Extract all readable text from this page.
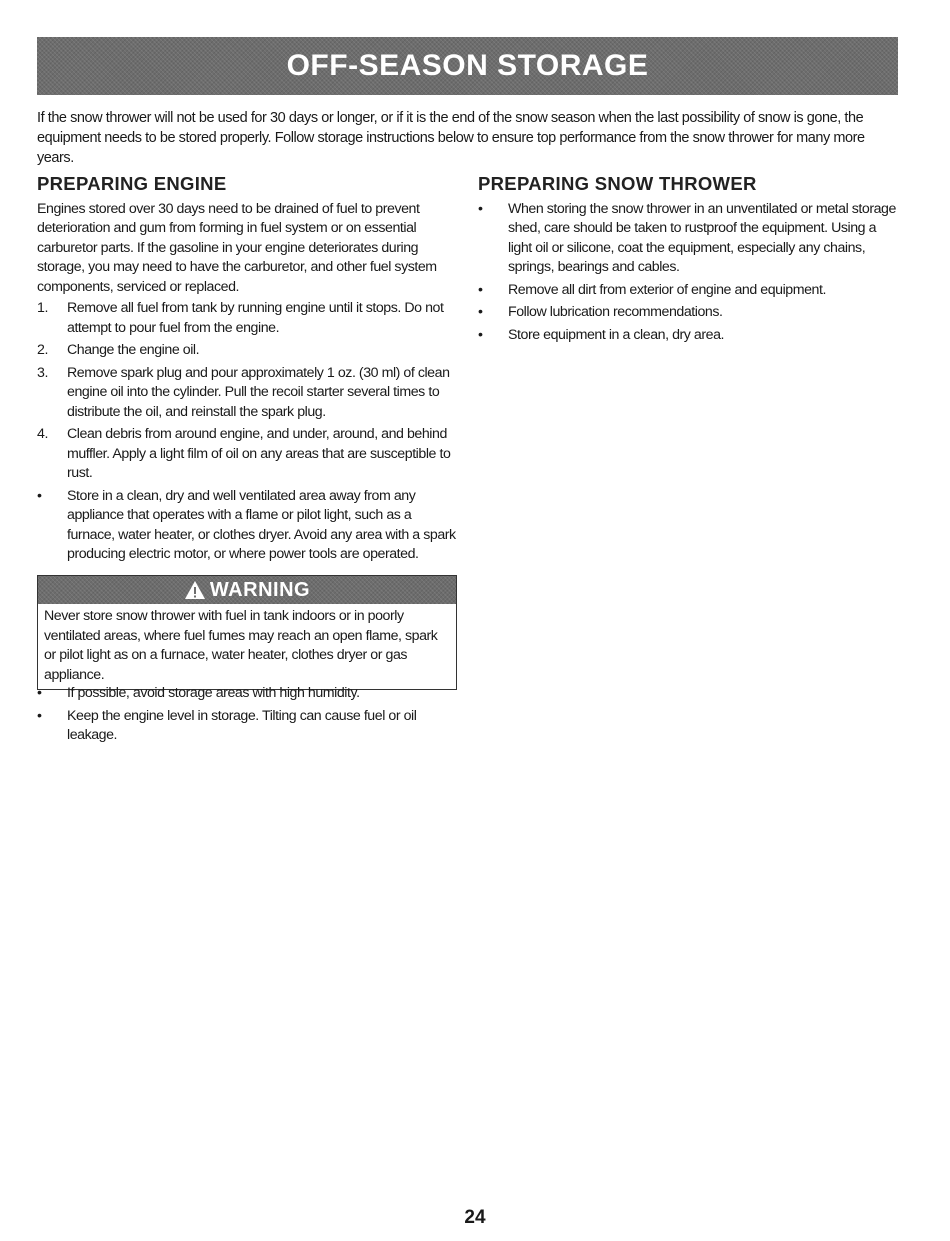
OFF-SEASON STORAGE

If the snow thrower will not be used for 30 days or longer, or if it is the end of the snow season when the last possibility of snow is gone, the equipment needs to be stored properly. Follow storage instructions below to ensure top performance from the snow thrower for many more years.

PREPARING ENGINE

Engines stored over 30 days need to be drained of fuel to prevent deterioration and gum from forming in fuel system or on essential carburetor parts. If the gasoline in your engine deteriorates during storage, you may need to have the carburetor, and other fuel system components, serviced or replaced.

1.	Remove all fuel from tank by running engine until it stops. Do not attempt to pour fuel from the engine.
2.	Change the engine oil.
3.	Remove spark plug and pour approximately 1 oz. (30 ml) of clean engine oil into the cylinder. Pull the recoil starter several times to distribute the oil, and reinstall the spark plug.
4.	Clean debris from around engine, and under, around, and behind muffler. Apply a light film of oil on any areas that are susceptible to rust.
•	Store in a clean, dry and well ventilated area away from any appliance that operates with a flame or pilot light, such as a furnace, water heater, or clothes dryer. Avoid any area with a spark producing electric motor, or where power tools are operated.
WARNING
Never store snow thrower with fuel in tank indoors or in poorly ventilated areas, where fuel fumes may reach an open flame, spark or pilot light as on a furnace, water heater, clothes dryer or gas appliance.
•	If possible, avoid storage areas with high humidity.
•	Keep the engine level in storage. Tilting can cause fuel or oil leakage.
PREPARING SNOW THROWER
•	When storing the snow thrower in an unventilated or metal storage shed, care should be taken to rustproof the equipment. Using a light oil or silicone, coat the equipment, especially any chains, springs, bearings and cables.
•	Remove all dirt from exterior of engine and equipment.
•	Follow lubrication recommendations.
•	Store equipment in a clean, dry area.
24
